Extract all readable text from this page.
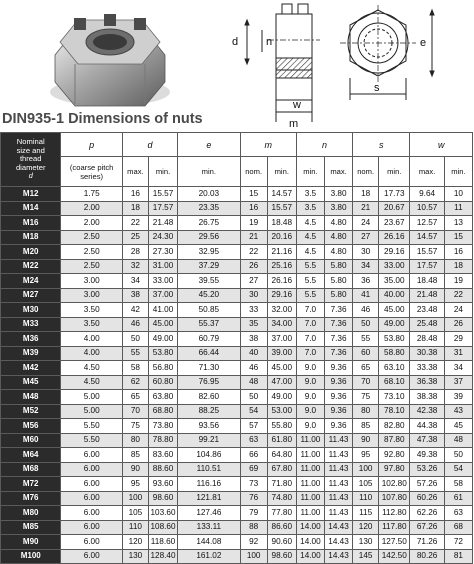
d	n	e
s
w
m
DIN935-1 Dimensions of nuts
Nominal
size and
thread
diameter
d	p	d		e	m		n		s		w	
	(coarse pitch series)	max.	min.	min.	nom.	min.	min.	max.	nom.	min.	max.	min.
M12	1.75	16	15.57	20.03	15	14.57	3.5	3.80	18	17.73	9.64	10
M14	2.00	18	17.57	23.35	16	15.57	3.5	3.80	21	20.67	10.57	11
M16	2.00	22	21.48	26.75	19	18.48	4.5	4.80	24	23.67	12.57	13
M18	2.50	25	24.30	29.56	21	20.16	4.5	4.80	27	26.16	14.57	15
M20	2.50	28	27.30	32.95	22	21.16	4.5	4.80	30	29.16	15.57	16
M22	2.50	32	31.00	37.29	26	25.16	5.5	5.80	34	33.00	17.57	18
M24	3.00	34	33.00	39.55	27	26.16	5.5	5.80	36	35.00	18.48	19
M27	3.00	38	37.00	45.20	30	29.16	5.5	5.80	41	40.00	21.48	22
M30	3.50	42	41.00	50.85	33	32.00	7.0	7.36	46	45.00	23.48	24
M33	3.50	46	45.00	55.37	35	34.00	7.0	7.36	50	49.00	25.48	26
M36	4.00	50	49.00	60.79	38	37.00	7.0	7.36	55	53.80	28.48	29
M39	4.00	55	53.80	66.44	40	39.00	7.0	7.36	60	58.80	30.38	31
M42	4.50	58	56.80	71.30	46	45.00	9.0	9.36	65	63.10	33.38	34
M45	4.50	62	60.80	76.95	48	47.00	9.0	9.36	70	68.10	36.38	37
M48	5.00	65	63.80	82.60	50	49.00	9.0	9.36	75	73.10	38.38	39
M52	5.00	70	68.80	88.25	54	53.00	9.0	9.36	80	78.10	42.38	43
M56	5.50	75	73.80	93.56	57	55.80	9.0	9.36	85	82.80	44.38	45
M60	5.50	80	78.80	99.21	63	61.80	11.00	11.43	90	87.80	47.38	48
M64	6.00	85	83.60	104.86	66	64.80	11.00	11.43	95	92.80	49.38	50
M68	6.00	90	88.60	110.51	69	67.80	11.00	11.43	100	97.80	53.26	54
M72	6.00	95	93.60	116.16	73	71.80	11.00	11.43	105	102.80	57.26	58
M76	6.00	100	98.60	121.81	76	74.80	11.00	11.43	110	107.80	60.26	61
M80	6.00	105	103.60	127.46	79	77.80	11.00	11.43	115	112.80	62.26	63
M85	6.00	110	108.60	133.11	88	86.60	14.00	14.43	120	117.80	67.26	68
M90	6.00	120	118.60	144.08	92	90.60	14.00	14.43	130	127.50	71.26	72
M100	6.00	130	128.40	161.02	100	98.60	14.00	14.43	145	142.50	80.26	81
